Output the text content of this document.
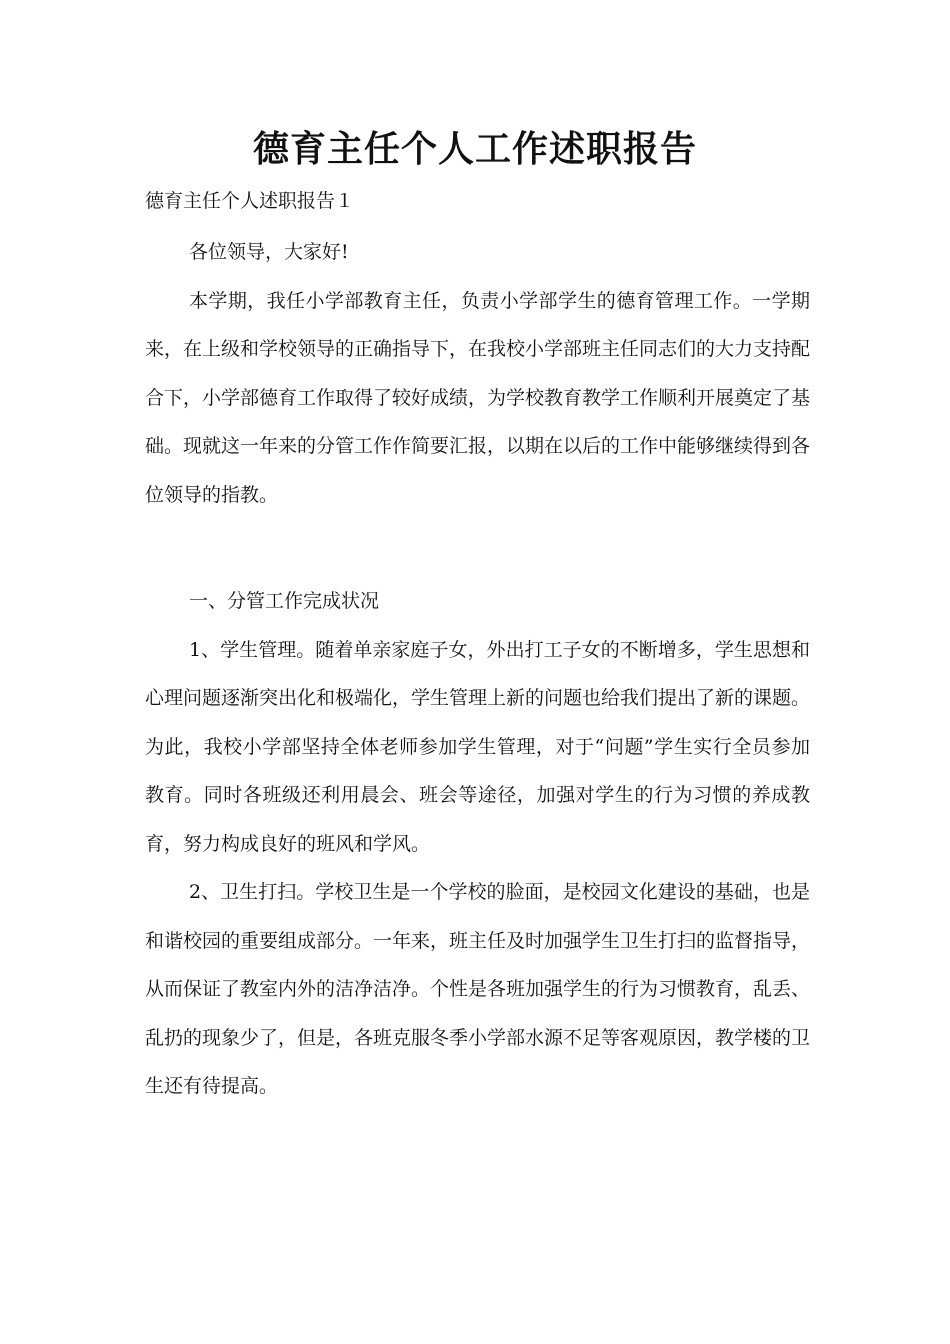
德育主任个人工作述职报告
德育主任个人述职报告１

各位领导，大家好!

本学期，我任小学部教育主任，负责小学部学生的德育管理工作。一学期来，在上级和学校领导的正确指导下，在我校小学部班主任同志们的大力支持配合下，小学部德育工作取得了较好成绩，为学校教育教学工作顺利开展奠定了基础。现就这一年来的分管工作作简要汇报，以期在以后的工作中能够继续得到各位领导的指教。

一、分管工作完成状况

1、学生管理。随着单亲家庭子女，外出打工子女的不断增多，学生思想和心理问题逐渐突出化和极端化，学生管理上新的问题也给我们提出了新的课题。为此，我校小学部坚持全体老师参加学生管理，对于“问题”学生实行全员参加教育。同时各班级还利用晨会、班会等途径，加强对学生的行为习惯的养成教育，努力构成良好的班风和学风。

2、卫生打扫。学校卫生是一个学校的脸面，是校园文化建设的基础，也是和谐校园的重要组成部分。一年来，班主任及时加强学生卫生打扫的监督指导，从而保证了教室内外的洁净洁净。个性是各班加强学生的行为习惯教育，乱丢、乱扔的现象少了，但是，各班克服冬季小学部水源不足等客观原因，教学楼的卫生还有待提高。
